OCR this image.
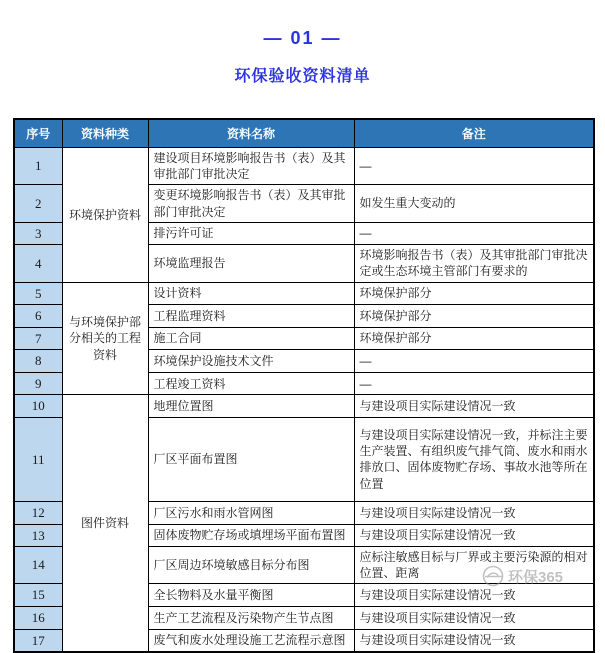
— 01 —
环保验收资料清单
序号	资料种类	资料名称	备注
1	环境保护资料	建设项目环境影响报告书（表）及其审批部门审批决定	—
2		变更环境影响报告书（表）及其审批部门审批决定	如发生重大变动的
3		排污许可证	—
4		环境监理报告	环境影响报告书（表）及其审批部门审批决定或生态环境主管部门有要求的
5	与环境保护部分相关的工程资料	设计资料	环境保护部分
6		工程监理资料	环境保护部分
7		施工合同	环境保护部分
8		环境保护设施技术文件	—
9		工程竣工资料	—
10	图件资料	地理位置图	与建设项目实际建设情况一致
11		厂区平面布置图	与建设项目实际建设情况一致，并标注主要生产装置、有组织废气排气筒、废水和雨水排放口、固体废物贮存场、事故水池等所在位置
12		厂区污水和雨水管网图	与建设项目实际建设情况一致
13		固体废物贮存场或填埋场平面布置图	与建设项目实际建设情况一致
14		厂区周边环境敏感目标分布图	应标注敏感目标与厂界或主要污染源的相对位置、距离
15		全长物料及水量平衡图	与建设项目实际建设情况一致
16		生产工艺流程及污染物产生节点图	与建设项目实际建设情况一致
17		废气和废水处理设施工艺流程示意图	与建设项目实际建设情况一致
环保365
